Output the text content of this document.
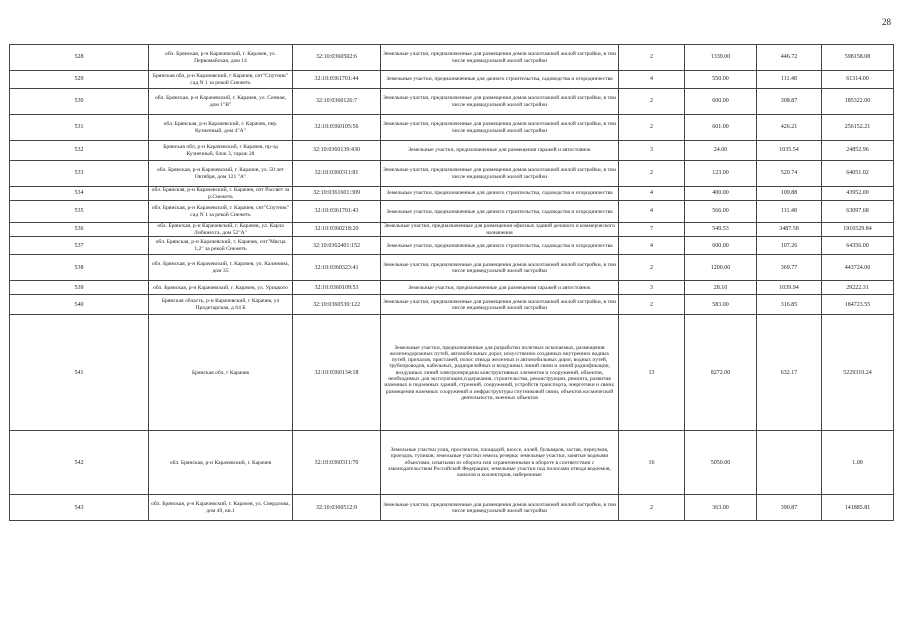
28
528	обл. Брянская, р-н Карачевский, г. Карачев, ул. Первомайская, дом 14	32:10:0360502:6	Земельные участки, предназначенные для размещения домов малоэтажной жилой застройки, в том числе индивидуальной жилой застройки	2	1339.00	446.72	598158.08
529	Брянская обл, р-н Карачевский, г Карачев, снт"Спутник" сад N 1 за рекой Снежеть	32:10:0361701:44	Земельные участки, предназначенные для дачного строительства, садоводства и огородничества	4	550.00	111.48	61314.00
530	обл. Брянская, р-н Карачевский, г. Карачев, ул. Сенная, дом 1"В"	32:10:0360126:7	Земельные участки, предназначенные для размещения домов малоэтажной жилой застройки, в том числе индивидуальной жилой застройки	2	600.00	308.87	185322.00
531	обл. Брянская, р-н Карачевский, г. Карачев, пер. Кузнечный, дом 4"А"	32:10:0360105:56	Земельные участки, предназначенные для размещения домов малоэтажной жилой застройки, в том числе индивидуальной жилой застройки	2	601.00	426.21	256152.21
532	Брянская обл, р-н Карачевский, г Карачев, пр-зд Кузнечный, блок 3, гараж 28	32:10:0360139:430	Земельные участки, предназначенные для размещения гаражей и автостоянок	3	24.00	1035.54	24852.96
533	обл. Брянская, р-н Карачевский, г. Карачев, ул. 50 лет Октября, дом 121 "А"	32:10:0360311:81	Земельные участки, предназначенные для размещения домов малоэтажной жилой застройки, в том числе индивидуальной жилой застройки	2	123.00	520.74	64051.02
534	обл. Брянская, р-н Карачевский, г. Карачев, снт Рассвет за р.Снежеть	32:10:0361601:309	Земельные участки, предназначенные для дачного строительства, садоводства и огородничества	4	400.00	109.88	43952.00
535	обл. Брянская, р-н Карачевский, г. Карачев, снт"Спутник" сад N 1 за рекой Снежеть	32:10:0361701:43	Земельные участки, предназначенные для дачного строительства, садоводства и огородничества	4	566.00	111.48	63097.68
536	обл. Брянская, р-н Карачевский, г. Карачев, ул. Карла Либкнехта, дом 52"А"	32:10:0360218:20	Земельные участки, предназначенные для размещения офисных зданий делового и коммерческого назначения	7	549.53	3487.58	1916529.84
537	обл. Брянская, р-н Карачевский, г. Карачев, снт"Мясца 1,2" за рекой Снежеть	32:10:0362401:152	Земельные участки, предназначенные для дачного строительства, садоводства и огородничества	4	600.00	107.26	64356.00
538	обл. Брянская, р-н Карачевский, г. Карачев, ул. Калинина, дом 35	32:10:0360323:41	Земельные участки, предназначенные для размещения домов малоэтажной жилой застройки, в том числе индивидуальной жилой застройки	2	1200.00	369.77	443724.00
539	обл. Брянская, р-н Карачевский, г. Карачев, ул. Урицкого	32:10:0360109:53	Земельные участки, предназначенные для размещения гаражей и автостоянок	3	28.10	1039.94	29222.31
540	Брянская область, р-н Карачевский, г Карачев, ул Продетарская, д 64 Б	32:10:0360530:122	Земельные участки, предназначенные для размещения домов малоэтажной жилой застройки, в том числе индивидуальной жилой застройки	2	583.00	316.85	184723.55
541	Брянская обл, г Карачев	32:10:0360134:18	Земельные участки, предназначенные для разработки полезных ископаемых, размещения железнодорожных путей, автомобильных дорог, искусственно созданных внутренних водных путей, причалов, пристаней, полос отвода железных и автомобильных дорог, водных путей, трубопроводов, кабельных, радиорелейных и воздушных линий связи и линий радиофикации, воздушных линий электропередачи конструктивных элементов и сооружений, объектов, необходимых для эксплуатации,содержания, строительства, реконструкции, ремонта, развития наземных и подземных зданий, строений, сооружений, устройств транспорта, энергетики и связи; размещения наземных сооружений и инфраструктуры спутниковой связи, объектов космической деятельности, военных объектов	13	8272.00	632.17	5229310.24
542	обл. Брянская, р-н Карачевский, г. Карачев	32:10:0360311:70	Земельные участки улиц, проспектов, площадей, шоссе, аллей, бульваров, застав, переулков, проездов, тупиков; земельные участки земель резерва; земельные участки, занятые водными объектами, изъятыми из оборота или ограниченными в обороте в соответствии с законодательством Российской Федерации; земельные участки под полосами отвода водоемов, каналов и коллекторов, набережные	16	5050.00		1.00
543	обл. Брянская, р-н Карачевский, г. Карачев, ул. Свердлова, дом 49, кв.1	32:10:0360512:9	Земельные участки, предназначенные для размещения домов малоэтажной жилой застройки, в том числе индивидуальной жилой застройки	2	363.00	390.87	141885.81
